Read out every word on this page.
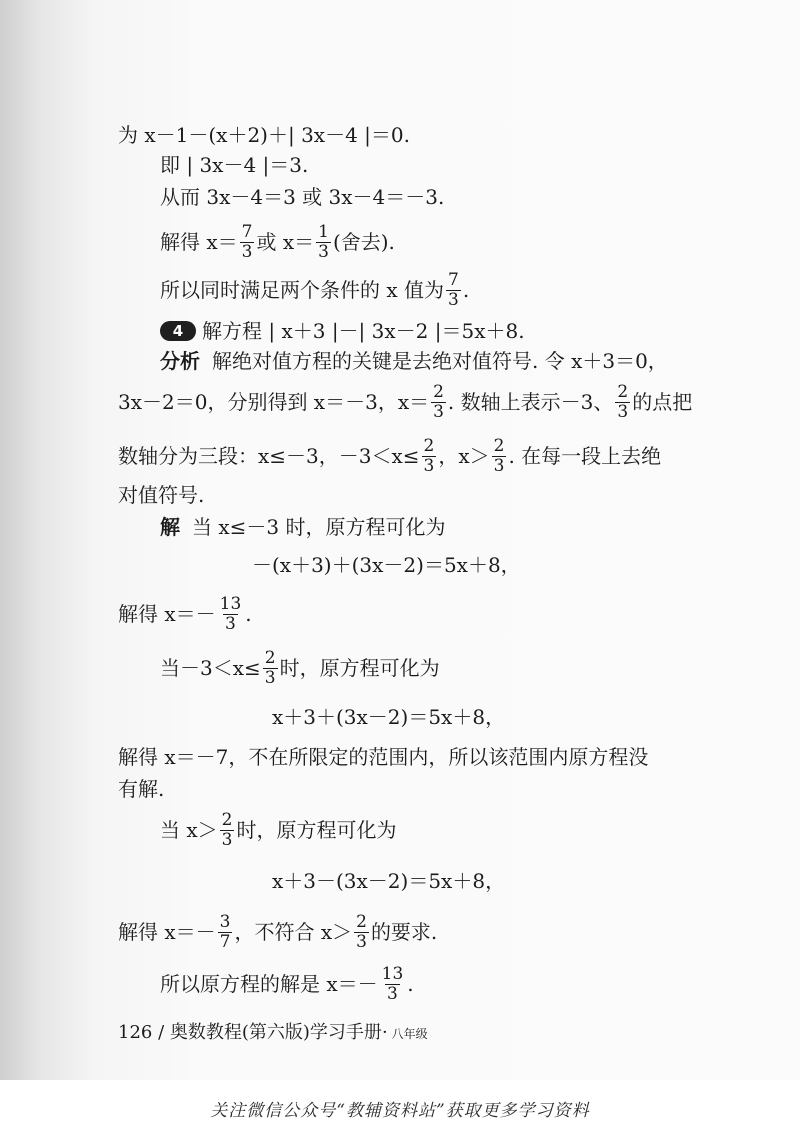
为 x－1－(x＋2)＋| 3x－4 |＝0.
即 | 3x－4 |＝3.
从而 3x－4＝3 或 3x－4＝－3.
解得 $x= \frac{7}{3}$ 或 $x= \frac{1}{3}$ (舍去).
所以同时满足两个条件的 x 值为 $\frac{7}{3}$ .
4 解方程 | x＋3 |－| 3x－2 |＝5x＋8.
分析 解绝对值方程的关键是去绝对值符号. 令 x＋3＝0，
3x－2＝0，分别得到 x＝－3，$x= \frac{2}{3}$ . 数轴上表示－3、 $\frac{2}{3}$ 的点把
数轴分为三段：x≤－3，$-3<x\le \frac{2}{3}$ ，$x> \frac{2}{3}$ . 在每一段上去绝
对值符号.
解 当 x≤－3 时，原方程可化为
－(x＋3)＋(3x－2)＝5x＋8，
解得 $x=- \frac{13}{3}$ .
当$-3<x\le \frac{2}{3}$ 时，原方程可化为
x＋3＋(3x－2)＝5x＋8，
解得 x＝－7，不在所限定的范围内，所以该范围内原方程没
有解.
当 $x> \frac{2}{3}$ 时，原方程可化为
x＋3－(3x－2)＝5x＋8，
解得 $x=- \frac{3}{7}$ ，不符合 $x> \frac{2}{3}$ 的要求.
所以原方程的解是 $x=- \frac{13}{3}$ .
126 /
奥数教程(第六版)学习手册 · 八年级
关注微信公众号“教辅资料站”获取更多学习资料
